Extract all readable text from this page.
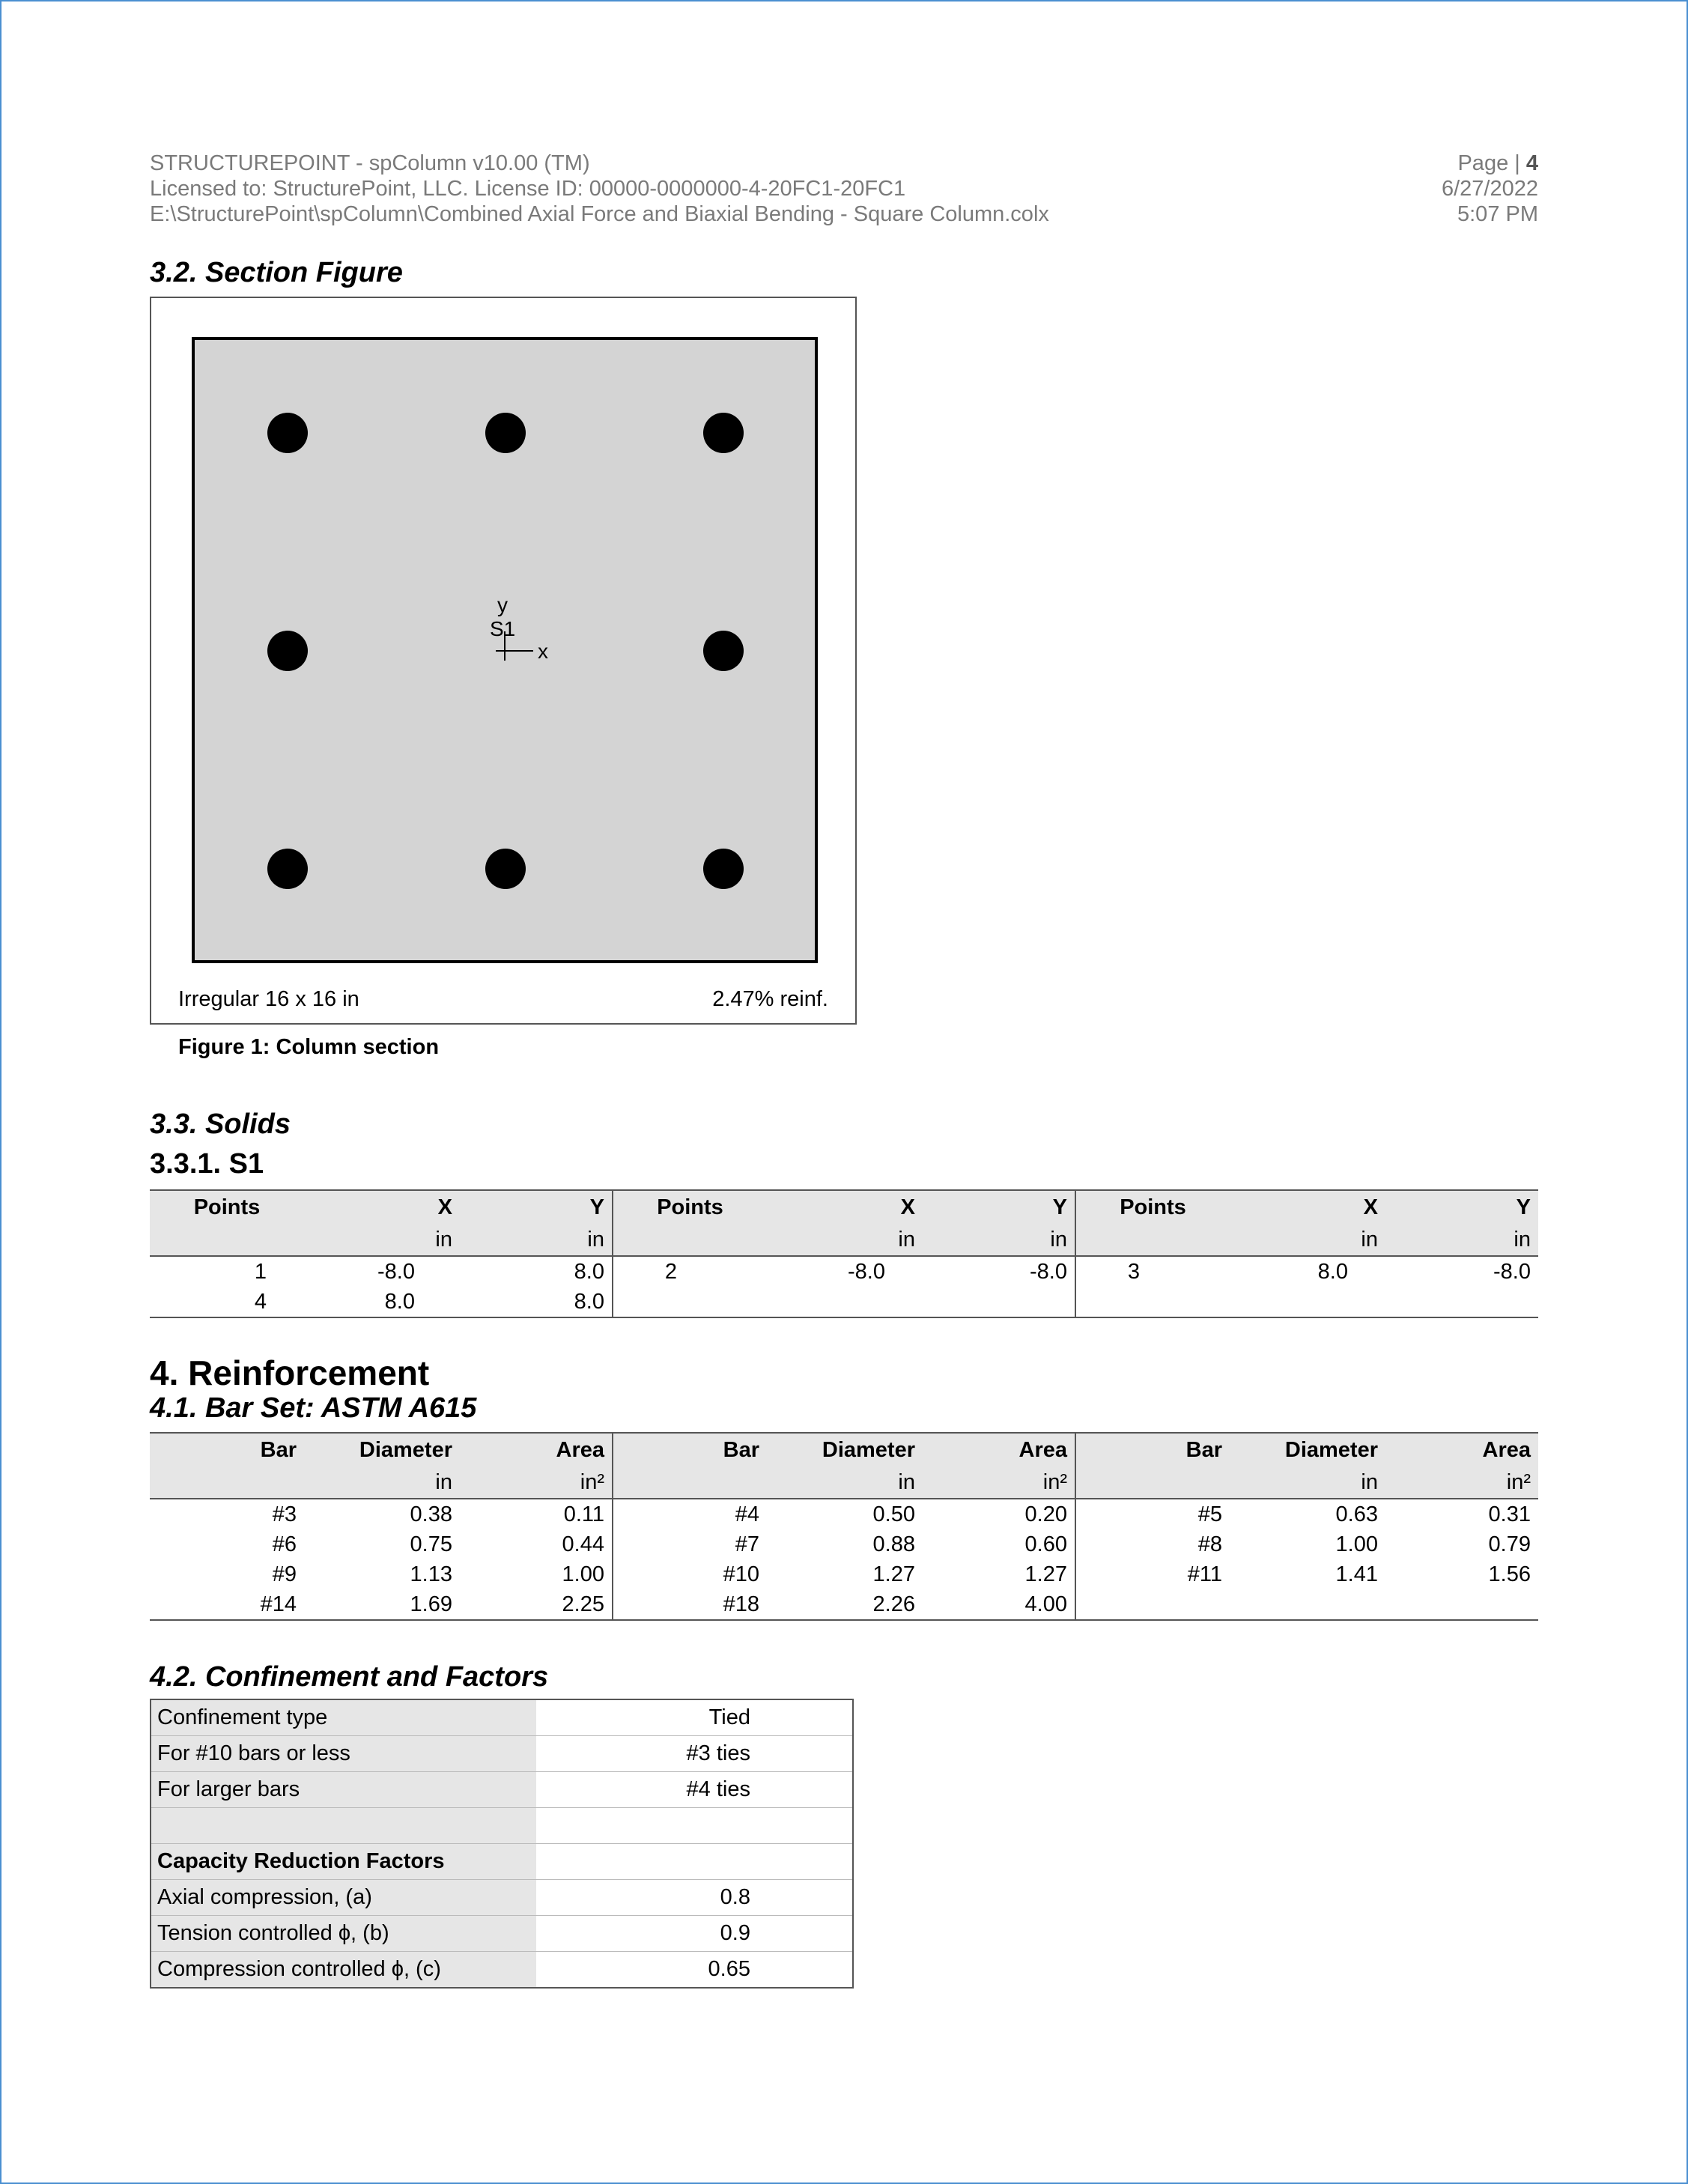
STRUCTUREPOINT - spColumn v10.00 (TM)
Licensed to: StructurePoint, LLC. License ID: 00000-0000000-4-20FC1-20FC1
E:\StructurePoint\spColumn\Combined Axial Force and Biaxial Bending - Square Column.colx
Page | 4
6/27/2022
5:07 PM
3.2. Section Figure
y
x
S1
Irregular 16 x 16 in	2.47% reinf.
Figure 1: Column section
3.3. Solids
3.3.1. S1
Points	X	Y	Points	X	Y	Points	X	Y
	in	in		in	in		in	in
1	-8.0	8.0	2	-8.0	-8.0	3	8.0	-8.0
4	8.0	8.0						
4. Reinforcement
4.1. Bar Set: ASTM A615
Bar	Diameter	Area	Bar	Diameter	Area	Bar	Diameter	Area
	in	in²		in	in²		in	in²
#3	0.38	0.11	#4	0.50	0.20	#5	0.63	0.31
#6	0.75	0.44	#7	0.88	0.60	#8	1.00	0.79
#9	1.13	1.00	#10	1.27	1.27	#11	1.41	1.56
#14	1.69	2.25	#18	2.26	4.00			
4.2. Confinement and Factors
Confinement type	Tied
For #10 bars or less	#3 ties
For larger bars	#4 ties

Capacity Reduction Factors	
Axial compression, (a)	0.8
Tension controlled ϕ, (b)	0.9
Compression controlled ϕ, (c)	0.65
